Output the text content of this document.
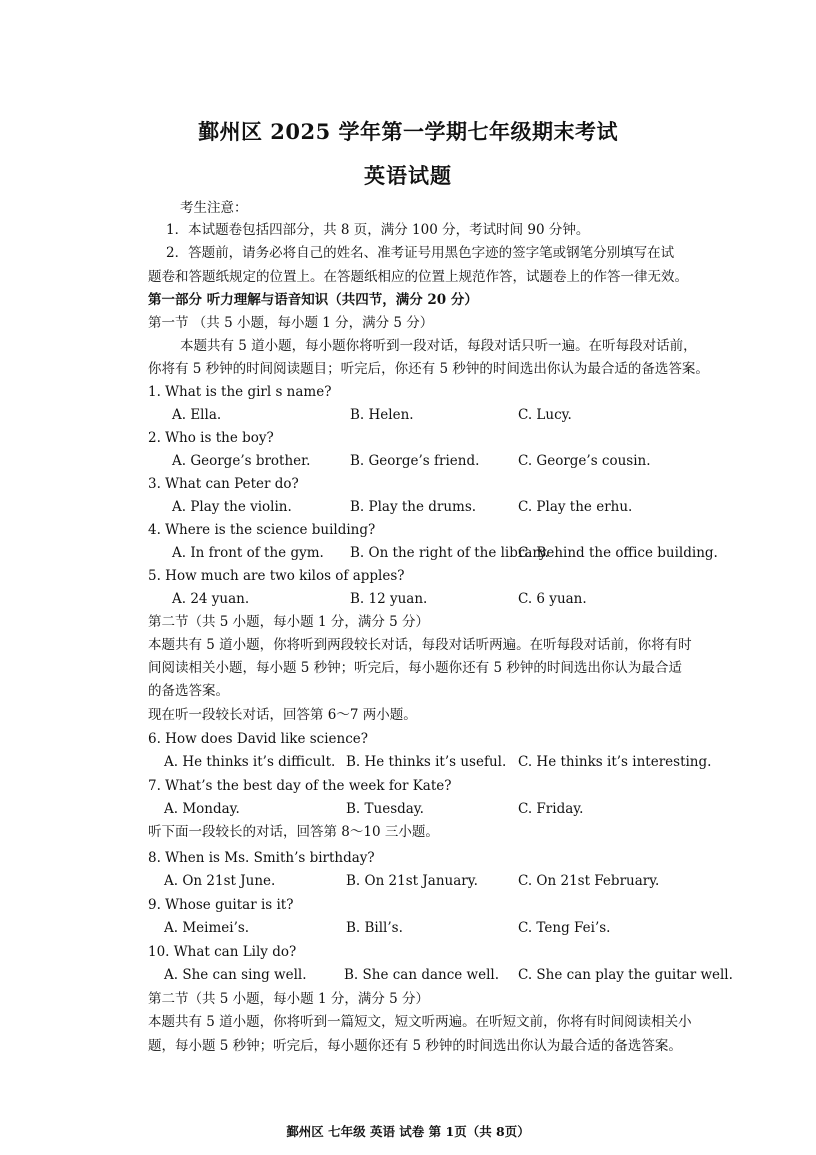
鄞州区 2025 学年第一学期七年级期末考试
英语试题
考生注意：
1．本试题卷包括四部分，共 8 页，满分 100 分，考试时间 90 分钟。
2．答题前，请务必将自己的姓名、准考证号用黑色字迹的签字笔或钢笔分别填写在试
题卷和答题纸规定的位置上。在答题纸相应的位置上规范作答，试题卷上的作答一律无效。
第一部分 听力理解与语音知识（共四节，满分 20 分）
第一节 （共 5 小题，每小题 1 分，满分 5 分）
本题共有 5 道小题，每小题你将听到一段对话，每段对话只听一遍。在听每段对话前，
你将有 5 秒钟的时间阅读题目；听完后，你还有 5 秒钟的时间选出你认为最合适的备选答案。
1. What is the girl s name?
A. Ella.	B. Helen.	C. Lucy.
2. Who is the boy?
A. George’s brother.	B. George’s friend.	C. George’s cousin.
3. What can Peter do?
A. Play the violin.	B. Play the drums.	C. Play the erhu.
4. Where is the science building?
A. In front of the gym. B. On the right of the library.
C. Behind the office building.
5. How much are two kilos of apples?
A. 24 yuan.	B. 12 yuan.	C. 6 yuan.
第二节（共 5 小题，每小题 1 分，满分 5 分）
本题共有 5 道小题，你将听到两段较长对话，每段对话听两遍。在听每段对话前，你将有时
间阅读相关小题，每小题 5 秒钟；听完后，每小题你还有 5 秒钟的时间选出你认为最合适
的备选答案。
现在听一段较长对话，回答第 6～7 两小题。
6. How does David like science?
A. He thinks it’s difficult. B. He thinks it’s useful. C. He thinks it’s interesting.
7. What’s the best day of the week for Kate?
A. Monday.	B. Tuesday.	C. Friday.
听下面一段较长的对话，回答第 8～10 三小题。
8. When is Ms. Smith’s birthday?
A. On 21st June.	B. On 21st January.	C. On 21st February.
9. Whose guitar is it?
A. Meimei’s.	B. Bill’s.	C. Teng Fei’s.
10. What can Lily do?
A. She can sing well.	B. She can dance well. C. She can play the guitar well.
第二节（共 5 小题，每小题 1 分，满分 5 分）
本题共有 5 道小题，你将听到一篇短文，短文听两遍。在听短文前，你将有时间阅读相关小
题，每小题 5 秒钟；听完后，每小题你还有 5 秒钟的时间选出你认为最合适的备选答案。
鄞州区 七年级 英语 试卷 第 1页（共 8页）
